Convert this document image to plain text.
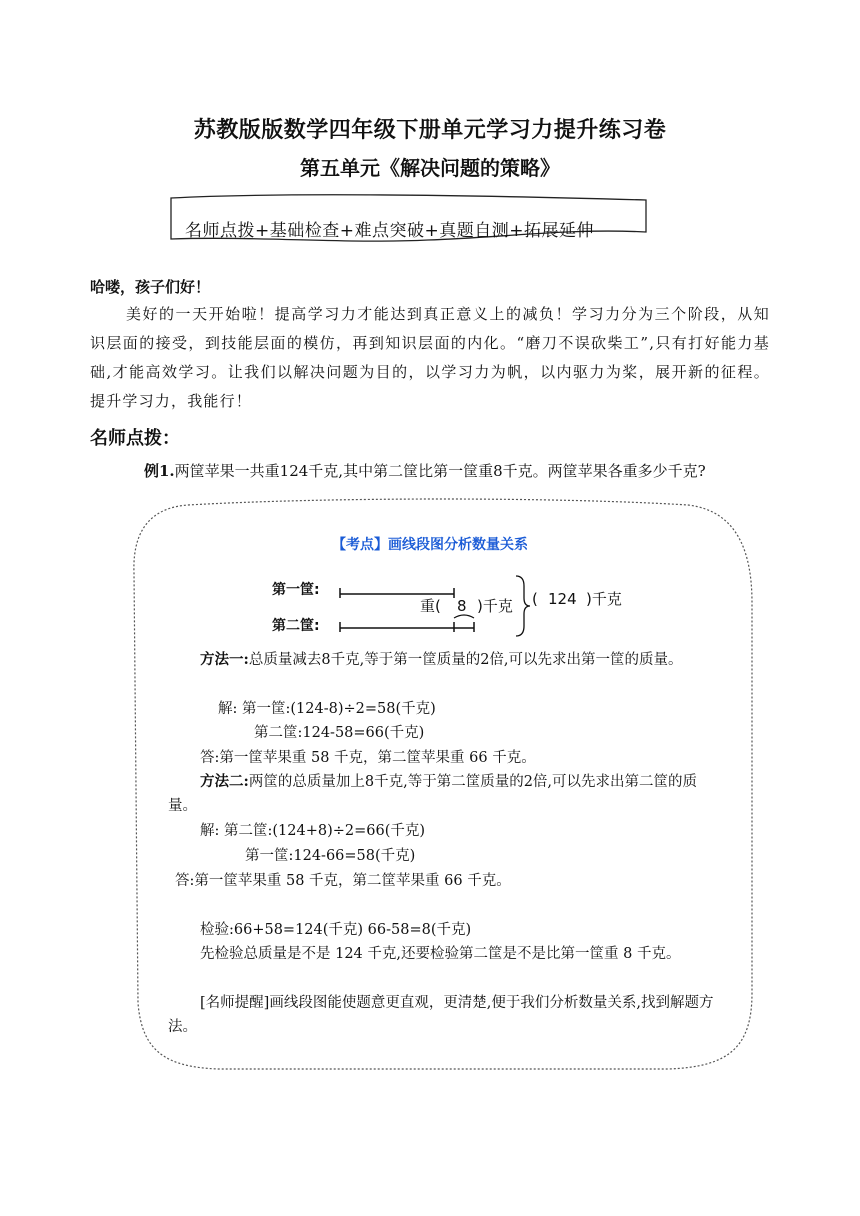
苏教版版数学四年级下册单元学习力提升练习卷
第五单元《解决问题的策略》
名师点拨+基础检查+难点突破+真题自测+拓展延伸
哈喽，孩子们好！
美好的一天开始啦！提高学习力才能达到真正意义上的减负！学习力分为三个阶段，从知识层面的接受，到技能层面的模仿，再到知识层面的内化。“磨刀不误砍柴工”,只有打好能力基础,才能高效学习。让我们以解决问题为目的，以学习力为帆，以内驱力为桨，展开新的征程。提升学习力，我能行！
名师点拨：
例1.两筐苹果一共重124千克,其中第二筐比第一筐重8千克。两筐苹果各重多少千克?
【考点】画线段图分析数量关系
第一筐:
第二筐:
重( 8 )千克 ( 124 )千克
方法一:总质量减去8千克,等于第一筐质量的2倍,可以先求出第一筐的质量。
解: 第一筐:(124-8)÷2=58(千克)
第二筐:124-58=66(千克)
答:第一筐苹果重 58 千克，第二筐苹果重 66 千克。
方法二:两筐的总质量加上8千克,等于第二筐质量的2倍,可以先求出第二筐的质量。
解: 第二筐:(124+8)÷2=66(千克)
第一筐:124-66=58(千克)
答:第一筐苹果重 58 千克，第二筐苹果重 66 千克。
检验:66+58=124(千克) 66-58=8(千克)
先检验总质量是不是 124 千克,还要检验第二筐是不是比第一筐重 8 千克。
[名师提醒]画线段图能使题意更直观，更清楚,便于我们分析数量关系,找到解题方法。
